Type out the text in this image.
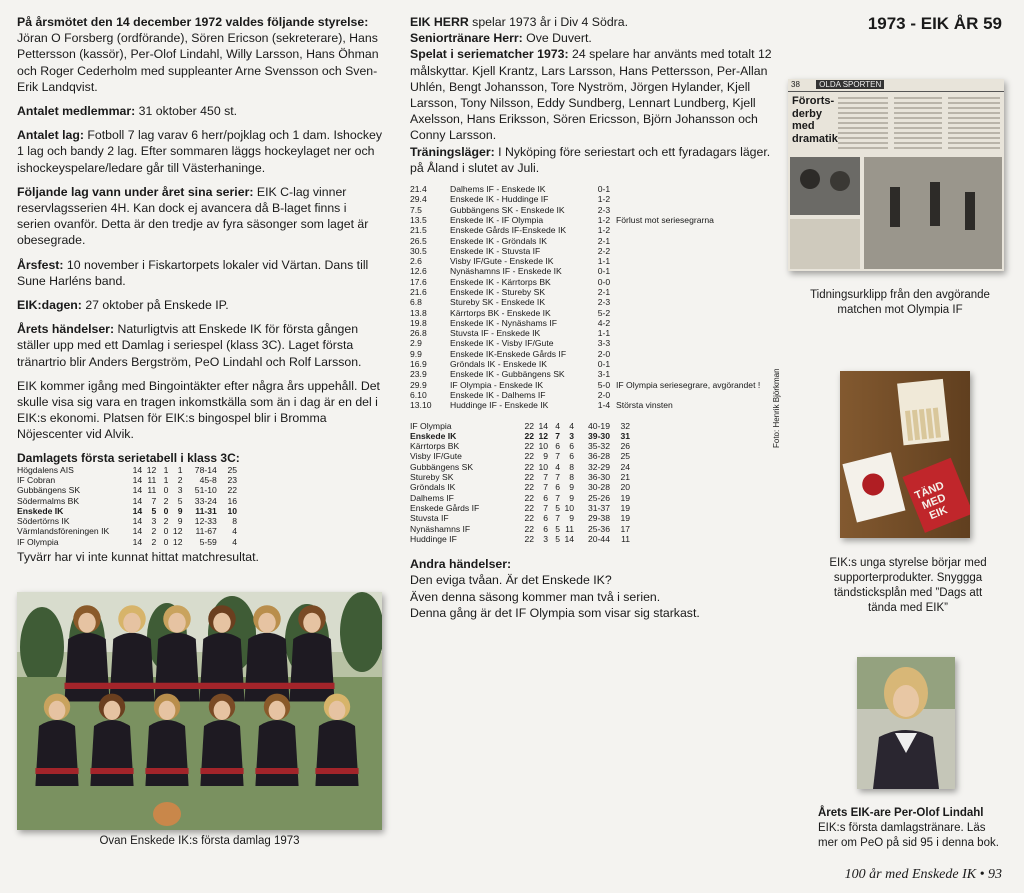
1973 - EIK ÅR 59

På årsmötet den 14 december 1972 valdes följande styrelse: Jöran O Forsberg (ordförande), Sören Ericson (sekreterare), Hans Pettersson (kassör), Per-Olof Lindahl, Willy Larsson, Hans Öhman och Roger Cederholm med suppleanter Arne Svensson och Sven-Erik Landqvist.

Antalet medlemmar: 31 oktober 450 st.

Antalet lag: Fotboll 7 lag varav 6 herr/pojklag och 1 dam. Ishockey 1 lag och bandy 2 lag. Efter sommaren läggs hockeylaget ner och ishockeyspelare/ledare går till Västerhaninge.

Följande lag vann under året sina serier: EIK C-lag vinner reservlagsserien 4H. Kan dock ej avancera då B-laget finns i serien ovanför. Detta är den tredje av fyra säsonger som laget är obesegrade.

Årsfest: 10 november i Fiskartorpets lokaler vid Värtan. Dans till Sune Harléns band.

EIK:dagen: 27 oktober på Enskede IP.

Årets händelser: Naturligtvis att Enskede IK för första gången ställer upp med ett Damlag i seriespel (klass 3C). Laget första tränartrio blir Anders Bergström, PeO Lindahl och Rolf Larsson.

EIK kommer igång med Bingointäkter efter några års uppehåll. Det skulle visa sig vara en tragen inkomstkälla som än i dag är en del i EIK:s ekonomi. Platsen för EIK:s bingospel blir i Bromma Nöjescenter vid Alvik.

Damlagets första serietabell i klass 3C:
Högdalens AIS	14	12	1	1	78-14	25
IF Cobran	14	11	1	2	45-8	23
Gubbängens SK	14	11	0	3	51-10	22
Södermalms BK	14	7	2	5	33-24	16
Enskede IK	14	5	0	9	11-31	10
Södertörns IK	14	3	2	9	12-33	8
Värmlandsföreningen IK	14	2	0	12	11-67	4
IF Olympia	14	2	0	12	5-59	4
Tyvärr har vi inte kunnat hittat matchresultat.
Ovan Enskede IK:s första damlag 1973
EIK HERR spelar 1973 år i Div 4 Södra.
Seniortränare Herr: Ove Duvert.
Spelat i seriematcher 1973: 24 spelare har använts med totalt 12 målskyttar. Kjell Krantz, Lars Larsson, Hans Pettersson, Per-Allan Uhlén, Bengt Johansson, Tore Nyström, Jörgen Hylander, Kjell Larsson, Tony Nilsson, Eddy Sundberg, Lennart Lundberg, Kjell Axelsson, Hans Eriksson, Sören Ericsson, Björn Johansson och Conny Larsson.

Träningsläger: I Nyköping före seriestart och ett fyradagars läger. på Åland i slutet av Juli.

21.4	Dalhems IF - Enskede IK	0-1	
29.4	Enskede IK - Huddinge IF	1-2	
7.5	Gubbängens SK - Enskede IK	2-3	
13.5	Enskede IK - IF Olympia	1-2	Förlust mot seriesegrarna
21.5	Enskede Gårds IF-Enskede IK	1-2	
26.5	Enskede IK - Gröndals IK	2-1	
30.5	Enskede IK - Stuvsta IF	2-2	
2.6	Visby IF/Gute - Enskede IK	1-1	
12.6	Nynäshamns IF - Enskede IK	0-1	
17.6	Enskede IK - Kärrtorps BK	0-0	
21.6	Enskede IK - Stureby SK	2-1	
6.8	Stureby SK - Enskede IK	2-3	
13.8	Kärrtorps BK - Enskede IK	5-2	
19.8	Enskede IK - Nynäshams IF	4-2	
26.8	Stuvsta IF - Enskede IK	1-1	
2.9	Enskede IK - Visby IF/Gute	3-3	
9.9	Enskede IK-Enskede Gårds IF	2-0	
16.9	Gröndals IK - Enskede IK	0-1	
23.9	Enskede IK - Gubbängens SK	3-1	
29.9	IF Olympia - Enskede IK	5-0	IF Olympia seriesegrare, avgörandet !
6.10	Enskede IK - Dalhems IF	2-0	
13.10	Huddinge IF - Enskede IK	1-4	Största vinsten
IF Olympia	22	14	4	4	40-19	32
Enskede IK	22	12	7	3	39-30	31
Kärrtorps BK	22	10	6	6	35-32	26
Visby IF/Gute	22	9	7	6	36-28	25
Gubbängens SK	22	10	4	8	32-29	24
Stureby SK	22	7	7	8	36-30	21
Gröndals IK	22	7	6	9	30-28	20
Dalhems IF	22	6	7	9	25-26	19
Enskede Gårds IF	22	7	5	10	31-37	19
Stuvsta IF	22	6	7	9	29-38	19
Nynäshamns IF	22	6	5	11	25-36	17
Huddinge IF	22	3	5	14	20-44	11
Andra händelser:
Den eviga tvåan. Är det Enskede IK?
Även denna säsong kommer man två i serien.
Denna gång är det IF Olympia som visar sig starkast.
38 OLDA SPORTEN
Förorts-derby med dramatik
Tidningsurklipp från den avgörande matchen mot Olympia IF
TÄND MED EIK
Foto: Henrik Björkman
EIK:s unga styrelse börjar med supporterprodukter. Snyggga tändsticksplån med ”Dags att tända med EIK”
Årets EIK-are Per-Olof Lindahl
EIK:s första damlagstränare. Läs mer om PeO på sid 95 i denna bok.
100 år med Enskede IK • 93
